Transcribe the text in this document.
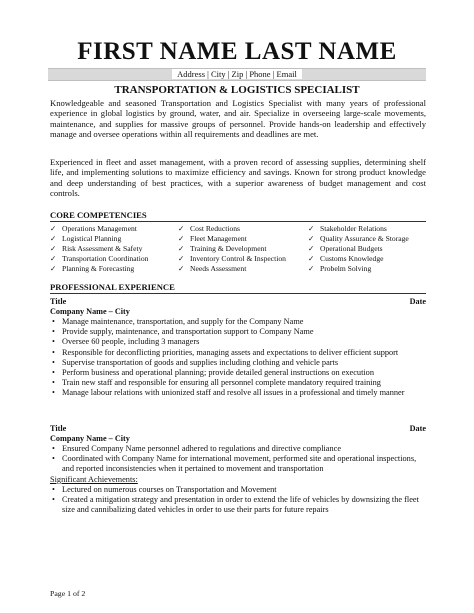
FIRST NAME LAST NAME
Address | City | Zip | Phone | Email
TRANSPORTATION & LOGISTICS SPECIALIST
Knowledgeable and seasoned Transportation and Logistics Specialist with many years of professional experience in global logistics by ground, water, and air. Specialize in overseeing large-scale movements, maintenance, and supplies for massive groups of personnel. Provide hands-on leadership and effectively manage and oversee operations within all requirements and deadlines are met.
Experienced in fleet and asset management, with a proven record of assessing supplies, determining shelf life, and implementing solutions to maximize efficiency and savings. Known for strong product knowledge and deep understanding of best practices, with a superior awareness of budget management and cost controls.
CORE COMPETENCIES
✓ Operations Management
✓ Logistical Planning
✓ Risk Assessment & Safety
✓ Transportation Coordination
✓ Planning & Forecasting
✓ Cost Reductions
✓ Fleet Management
✓ Training & Development
✓ Inventory Control & Inspection
✓ Needs Assessment
✓ Stakeholder Relations
✓ Quality Assurance & Storage
✓ Operational Budgets
✓ Customs Knowledge
✓ Probelm Solving
PROFESSIONAL EXPERIENCE
Title	Date
Company Name – City
• Manage maintenance, transportation, and supply for the Company Name
• Provide supply, maintenance, and transportation support to Company Name
• Oversee 60 people, including 3 managers
• Responsible for deconflicting priorities, managing assets and expectations to deliver efficient support
• Supervise transportation of goods and supplies including clothing and vehicle parts
• Perform business and operational planning; provide detailed general instructions on execution
• Train new staff and responsible for ensuring all personnel complete mandatory required training
• Manage labour relations with unionized staff and resolve all issues in a professional and timely manner
Title	Date
Company Name – City
• Ensured Company Name personnel adhered to regulations and directive compliance
• Coordinated with Company Name for international movement, performed site and operational inspections, and reported inconsistencies when it pertained to movement and transportation
Significant Achievements:
• Lectured on numerous courses on Transportation and Movement
• Created a mitigation strategy and presentation in order to extend the life of vehicles by downsizing the fleet size and cannibalizing dated vehicles in order to use their parts for future repairs
Page 1 of 2
